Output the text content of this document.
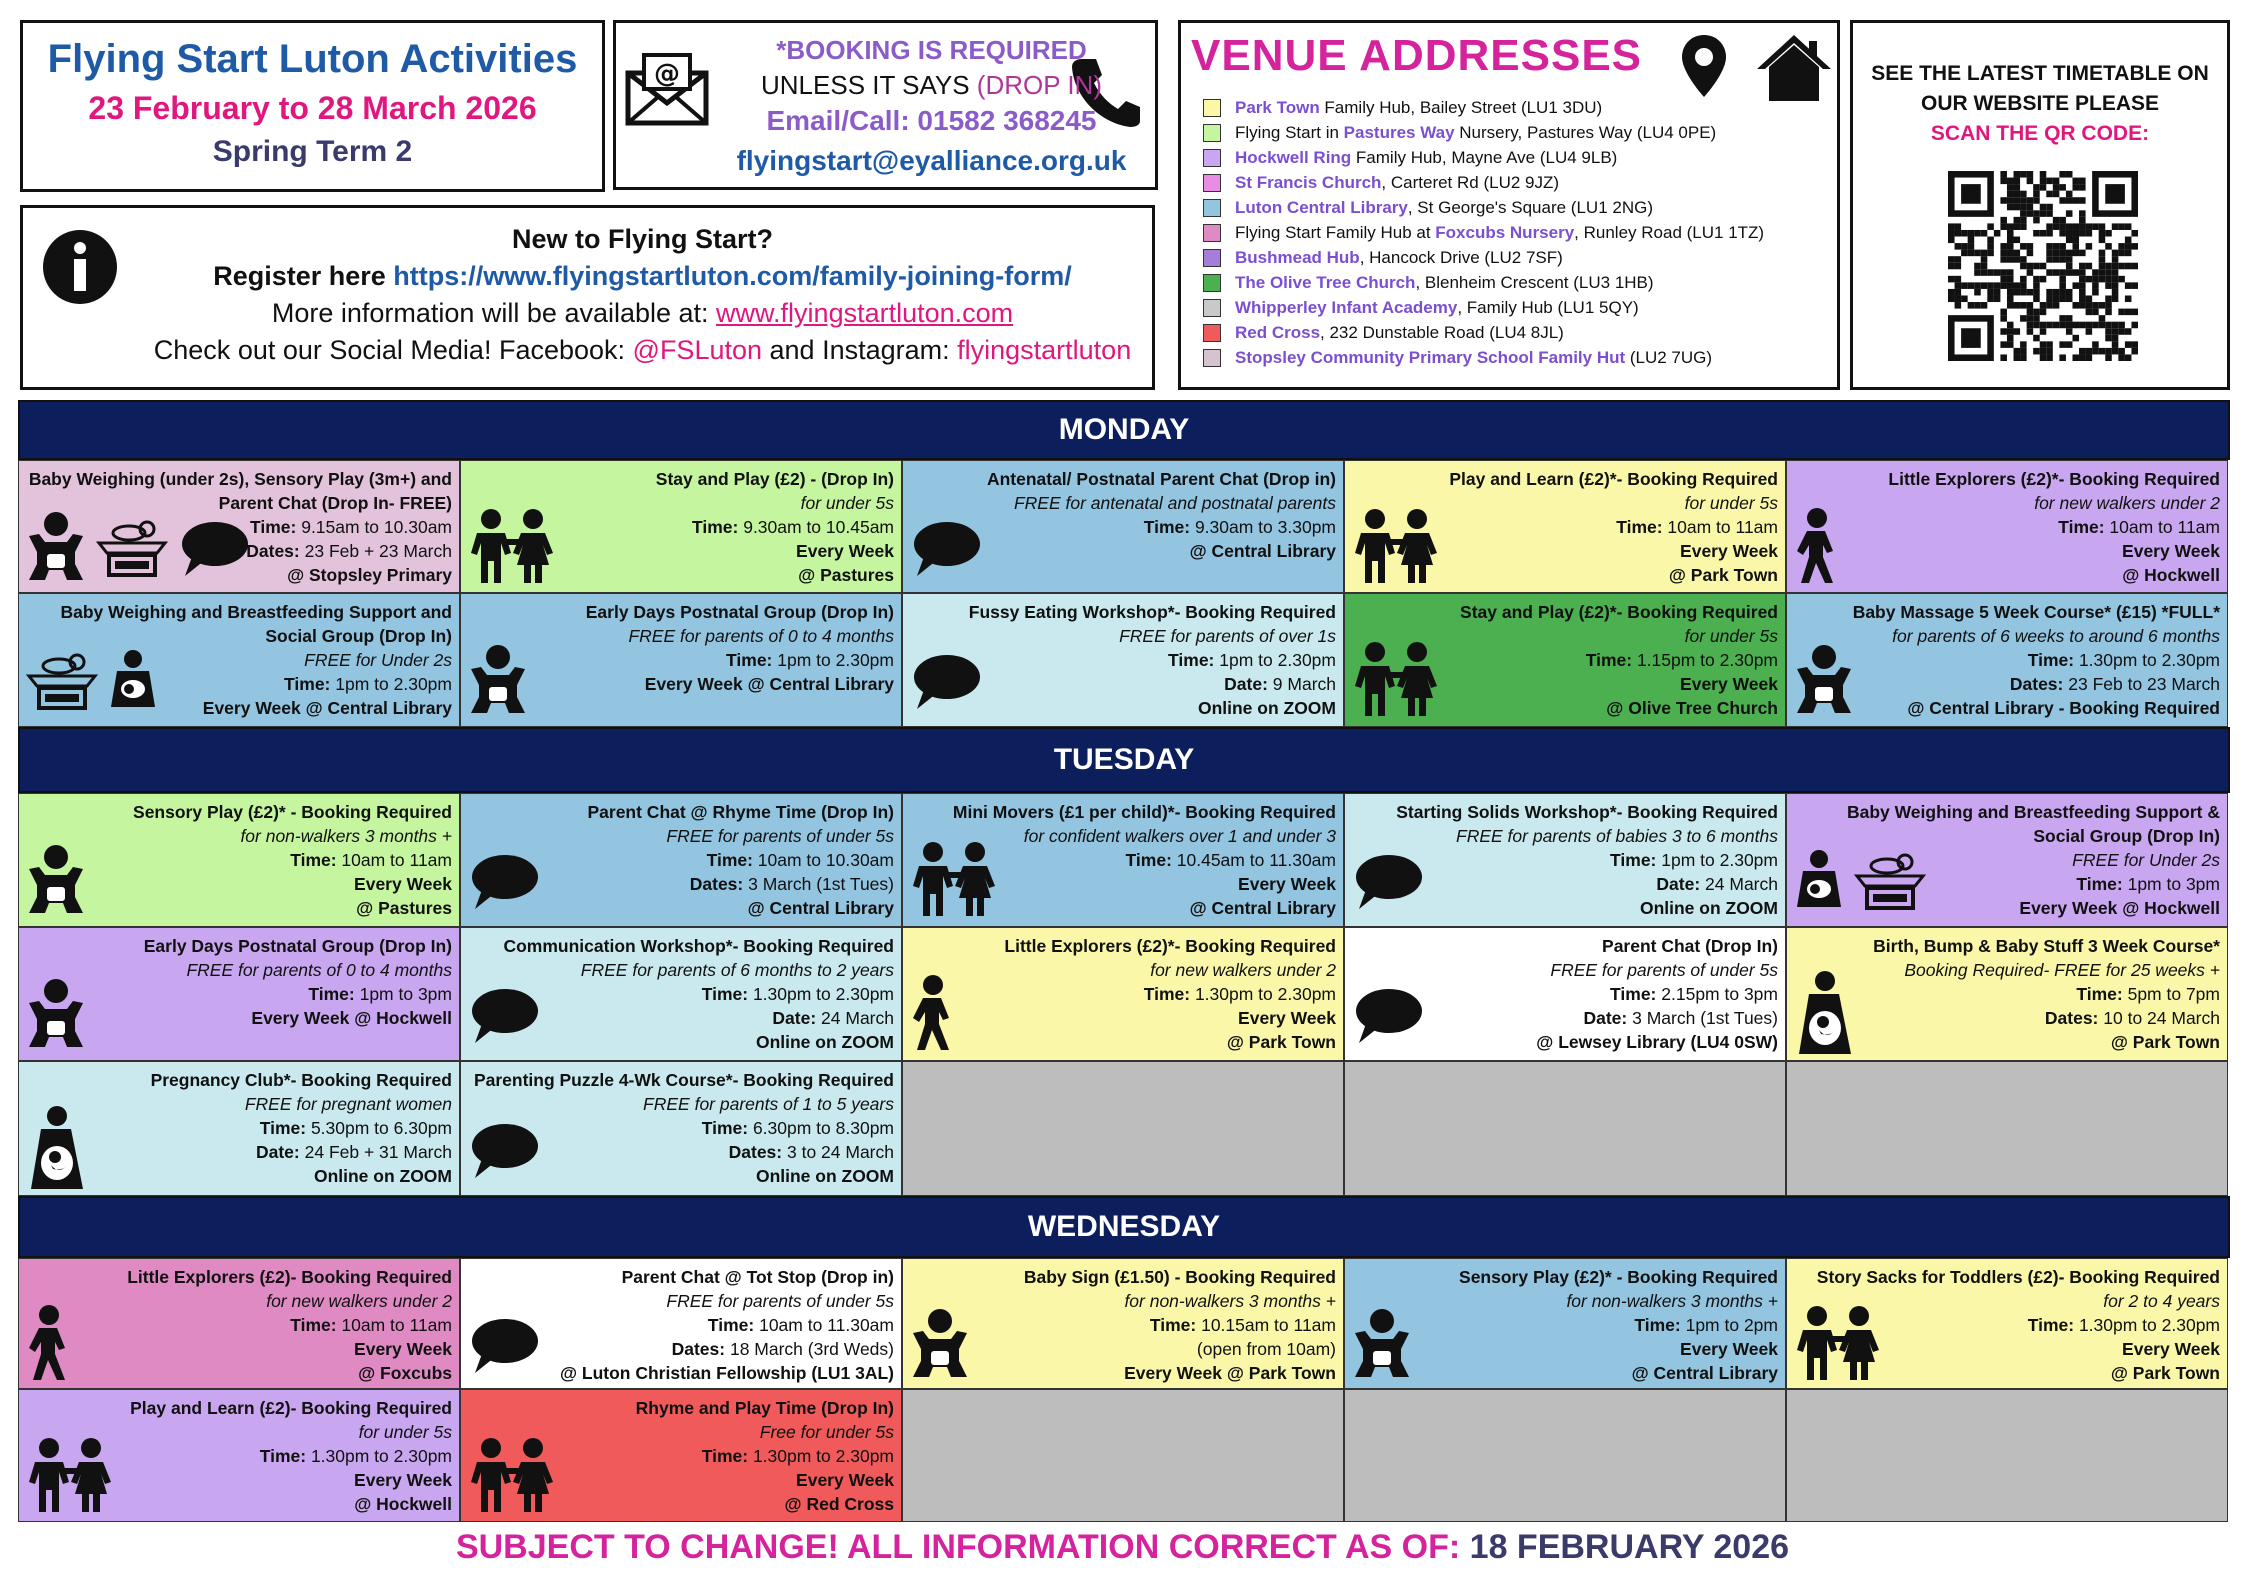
Flying Start Luton Activities
23 February to 28 March 2026
Spring Term 2
@
*BOOKING IS REQUIRED
UNLESS IT SAYS (DROP IN)
Email/Call: 01582 368245
flyingstart@eyalliance.org.uk
VENUE ADDRESSES
Park Town Family Hub, Bailey Street (LU1 3DU)
Flying Start in Pastures Way Nursery, Pastures Way (LU4 0PE)
Hockwell Ring Family Hub, Mayne Ave (LU4 9LB)
St Francis Church, Carteret Rd (LU2 9JZ)
Luton Central Library, St George's Square (LU1 2NG)
Flying Start Family Hub at Foxcubs Nursery, Runley Road (LU1 1TZ)
Bushmead Hub, Hancock Drive (LU2 7SF)
The Olive Tree Church, Blenheim Crescent (LU3 1HB)
Whipperley Infant Academy, Family Hub (LU1 5QY)
Red Cross, 232 Dunstable Road (LU4 8JL)
Stopsley Community Primary School Family Hut (LU2 7UG)
SEE THE LATEST TIMETABLE ON OUR WEBSITE PLEASE
SCAN THE QR CODE:
New to Flying Start?
Register here https://www.flyingstartluton.com/family-joining-form/
More information will be available at: www.flyingstartluton.com
Check out our Social Media! Facebook: @FSLuton and Instagram: flyingstartluton
MONDAY
TUESDAY
WEDNESDAY
Baby Weighing (under 2s), Sensory Play (3m+) and
Parent Chat (Drop In- FREE)
Time: 9.15am to 10.30am
Dates: 23 Feb + 23 March
@ Stopsley Primary
Stay and Play (£2) - (Drop In)
for under 5s
Time: 9.30am to 10.45am
Every Week
@ Pastures
Antenatal/ Postnatal Parent Chat (Drop in)
FREE for antenatal and postnatal parents
Time: 9.30am to 3.30pm
@ Central Library
Play and Learn (£2)*- Booking Required
for under 5s
Time: 10am to 11am
Every Week
@ Park Town
Little Explorers (£2)*- Booking Required
for new walkers under 2
Time: 10am to 11am
Every Week
@ Hockwell
Baby Weighing and Breastfeeding Support and
Social Group (Drop In)
FREE for Under 2s
Time: 1pm to 2.30pm
Every Week @ Central Library
Early Days Postnatal Group (Drop In)
FREE for parents of 0 to 4 months
Time: 1pm to 2.30pm
Every Week @ Central Library
Fussy Eating Workshop*- Booking Required
FREE for parents of over 1s
Time: 1pm to 2.30pm
Date: 9 March
Online on ZOOM
Stay and Play (£2)*- Booking Required
for under 5s
Time: 1.15pm to 2.30pm
Every Week
@ Olive Tree Church
Baby Massage 5 Week Course* (£15) *FULL*
for parents of 6 weeks to around 6 months
Time: 1.30pm to 2.30pm
Dates: 23 Feb to 23 March
@ Central Library - Booking Required
Sensory Play (£2)* - Booking Required
for non-walkers 3 months +
Time: 10am to 11am
Every Week
@ Pastures
Parent Chat @ Rhyme Time (Drop In)
FREE for parents of under 5s
Time: 10am to 10.30am
Dates: 3 March (1st Tues)
@ Central Library
Mini Movers (£1 per child)*- Booking Required
for confident walkers over 1 and under 3
Time: 10.45am to 11.30am
Every Week
@ Central Library
Starting Solids Workshop*- Booking Required
FREE for parents of babies 3 to 6 months
Time: 1pm to 2.30pm
Date: 24 March
Online on ZOOM
Baby Weighing and Breastfeeding Support &
Social Group (Drop In)
FREE for Under 2s
Time: 1pm to 3pm
Every Week @ Hockwell
Early Days Postnatal Group (Drop In)
FREE for parents of 0 to 4 months
Time: 1pm to 3pm
Every Week @ Hockwell
Communication Workshop*- Booking Required
FREE for parents of 6 months to 2 years
Time: 1.30pm to 2.30pm
Date: 24 March
Online on ZOOM
Little Explorers (£2)*- Booking Required
for new walkers under 2
Time: 1.30pm to 2.30pm
Every Week
@ Park Town
Parent Chat (Drop In)
FREE for parents of under 5s
Time: 2.15pm to 3pm
Date: 3 March (1st Tues)
@ Lewsey Library (LU4 0SW)
Birth, Bump & Baby Stuff 3 Week Course*
Booking Required- FREE for 25 weeks +
Time: 5pm to 7pm
Dates: 10 to 24 March
@ Park Town
Pregnancy Club*- Booking Required
FREE for pregnant women
Time: 5.30pm to 6.30pm
Date: 24 Feb + 31 March
Online on ZOOM
Parenting Puzzle 4-Wk Course*- Booking Required
FREE for parents of 1 to 5 years
Time: 6.30pm to 8.30pm
Dates: 3 to 24 March
Online on ZOOM
Little Explorers (£2)- Booking Required
for new walkers under 2
Time: 10am to 11am
Every Week
@ Foxcubs
Parent Chat @ Tot Stop (Drop in)
FREE for parents of under 5s
Time: 10am to 11.30am
Dates: 18 March (3rd Weds)
@ Luton Christian Fellowship (LU1 3AL)
Baby Sign (£1.50) - Booking Required
for non-walkers 3 months +
Time: 10.15am to 11am
(open from 10am)
Every Week @ Park Town
Sensory Play (£2)* - Booking Required
for non-walkers 3 months +
Time: 1pm to 2pm
Every Week
@ Central Library
Story Sacks for Toddlers (£2)- Booking Required
for 2 to 4 years
Time: 1.30pm to 2.30pm
Every Week
@ Park Town
Play and Learn (£2)- Booking Required
for under 5s
Time: 1.30pm to 2.30pm
Every Week
@ Hockwell
Rhyme and Play Time (Drop In)
Free for under 5s
Time: 1.30pm to 2.30pm
Every Week
@ Red Cross
SUBJECT TO CHANGE! ALL INFORMATION CORRECT AS OF: 18 FEBRUARY 2026
